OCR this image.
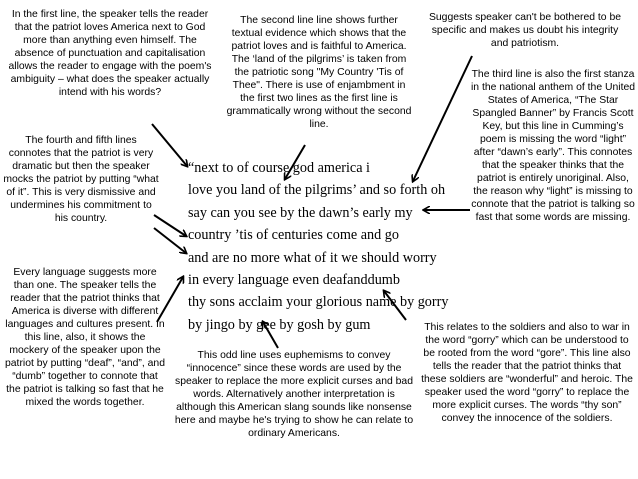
In the first line, the speaker tells the reader that the patriot loves America next to God more than anything even himself. The absence of punctuation and capitalisation allows the reader to engage with the poem's ambiguity – what does the speaker actually intend with his words?
The second line line shows further textual evidence which shows that the patriot loves and is faithful to America. The ‘land of the pilgrims’ is taken from the patriotic song "My Country 'Tis of Thee". There is use of enjambment in the first two lines as the first line is grammatically wrong without the second line.
Suggests speaker can't be bothered to be specific and makes us doubt his integrity and patriotism.
The fourth and fifth lines connotes that the patriot is very dramatic but then the speaker mocks the patriot by putting “what of it”. This is very dismissive and undermines his commitment to his country.
The third line is also the first stanza in the national anthem of the United States of America, “The Star Spangled Banner” by Francis Scott Key, but this line in Cumming’s poem is missing the word “light” after “dawn’s early”. This connotes that the speaker thinks that the patriot is entirely unoriginal. Also, the reason why “light” is missing to connote that the patriot is talking so fast that some words are missing.
Every language suggests more than one. The speaker tells the reader that the patriot thinks that America is diverse with different languages and cultures present. In this line, also, it shows the mockery of the speaker upon the patriot by putting “deaf”, “and”, and “dumb” together to connote that the patriot is talking so fast that he mixed the words together.
This odd line uses euphemisms to convey “innocence” since these words are used by the speaker to replace the more explicit curses and bad words. Alternatively another interpretation is although this American slang sounds like nonsense here and maybe he's trying to show he can relate to ordinary Americans.
This relates to the soldiers and also to war in the word “gorry” which can be understood to be rooted from the word “gore”. This line also tells the reader that the patriot thinks that these soldiers are “wonderful” and heroic. The speaker used the word “gorry” to replace the more explicit curses. The words “thy son” convey the innocence of the soldiers.
“next to of course god america i
love you land of the pilgrims’ and so forth oh
say can you see by the dawn’s early my
country ’tis of centuries come and go
and are no more what of it we should worry
in every language even deafanddumb
thy sons acclaim your glorious name by gorry
by jingo by gee by gosh by gum
